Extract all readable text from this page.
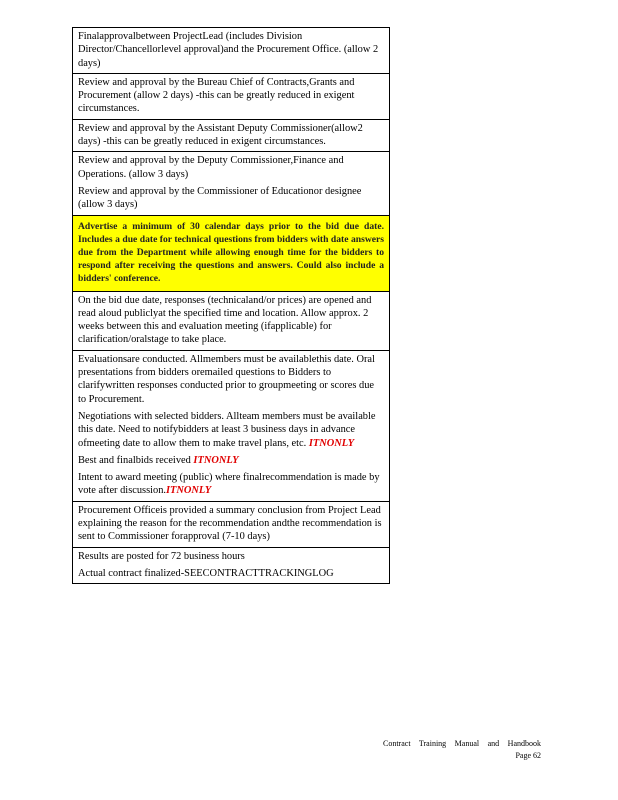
Finalapprovalbetween ProjectLead (includes Division Director/Chancellorlevel approval)and the Procurement Office. (allow 2 days)

Review and approval by the Bureau Chief of Contracts,Grants and Procurement (allow 2 days) -this can be greatly reduced in exigent circumstances.

Review and approval by the Assistant Deputy Commissioner(allow2 days) -this can be greatly reduced in exigent circumstances.

Review and approval by the Deputy Commissioner,Finance and Operations. (allow 3 days)

Review and approval by the Commissioner of Educationor designee (allow 3 days)

Advertise a minimum of 30 calendar days prior to the bid due date. Includes a due date for technical questions from bidders with date answers due from the Department while allowing enough time for the bidders to respond after receiving the questions and answers. Could also include a bidders' conference.

On the bid due date, responses (technicaland/or prices) are opened and read aloud publiclyat the specified time and location. Allow approx. 2 weeks between this and evaluation meeting (ifapplicable) for clarification/oralstage to take place.

Evaluationsare conducted. Allmembers must be availablethis date. Oral presentations from bidders oremailed questions to Bidders to clarifywritten responses conducted prior to groupmeeting or scores due to Procurement.

Negotiations with selected bidders. Allteam members must be available this date. Need to notifybidders at least 3 business days in advance ofmeeting date to allow them to make travel plans, etc. ITNONLY

Best and finalbids received ITNONLY

Intent to award meeting (public) where finalrecommendation is made by vote after discussion.ITNONLY

Procurement Officeis provided a summary conclusion from Project Lead explaining the reason for the recommendation andthe recommendation is sent to Commissioner forapproval (7-10 days)

Results are posted for 72 business hours

Actual contract finalized-SEECONTRACTTRACKINGLOG

Contract Training Manual and Handbook
Page 62
